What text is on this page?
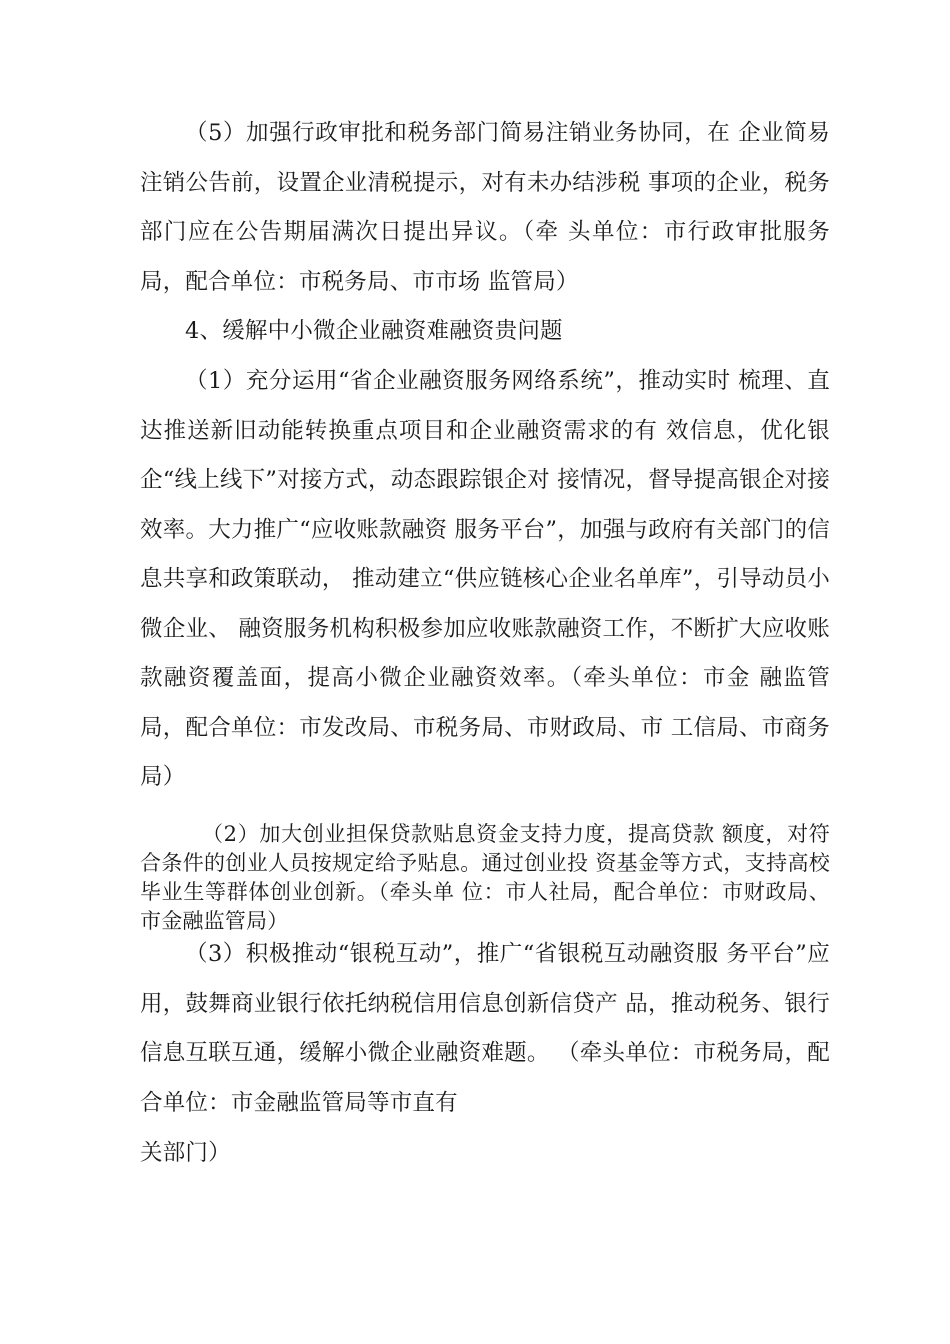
（5）加强行政审批和税务部门简易注销业务协同，在 企业简易注销公告前，设置企业清税提示，对有未办结涉税 事项的企业，税务部门应在公告期届满次日提出异议。（牵 头单位：市行政审批服务局，配合单位：市税务局、市市场 监管局）

4、缓解中小微企业融资难融资贵问题

（1）充分运用“省企业融资服务网络系统”，推动实时 梳理、直达推送新旧动能转换重点项目和企业融资需求的有 效信息，优化银企“线上线下”对接方式，动态跟踪银企对 接情况，督导提高银企对接效率。大力推广“应收账款融资 服务平台”，加强与政府有关部门的信息共享和政策联动， 推动建立“供应链核心企业名单库”，引导动员小微企业、 融资服务机构积极参加应收账款融资工作，不断扩大应收账 款融资覆盖面，提高小微企业融资效率。（牵头单位：市金 融监管局，配合单位：市发改局、市税务局、市财政局、市 工信局、市商务局）

（2）加大创业担保贷款贴息资金支持力度，提高贷款 额度，对符合条件的创业人员按规定给予贴息。通过创业投 资基金等方式，支持高校毕业生等群体创业创新。（牵头单 位：市人社局，配合单位：市财政局、市金融监管局）

（3）积极推动“银税互动”，推广“省银税互动融资服 务平台”应用，鼓舞商业银行依托纳税信用信息创新信贷产 品，推动税务、银行信息互联互通，缓解小微企业融资难题。 （牵头单位：市税务局，配合单位：市金融监管局等市直有

关部门）
